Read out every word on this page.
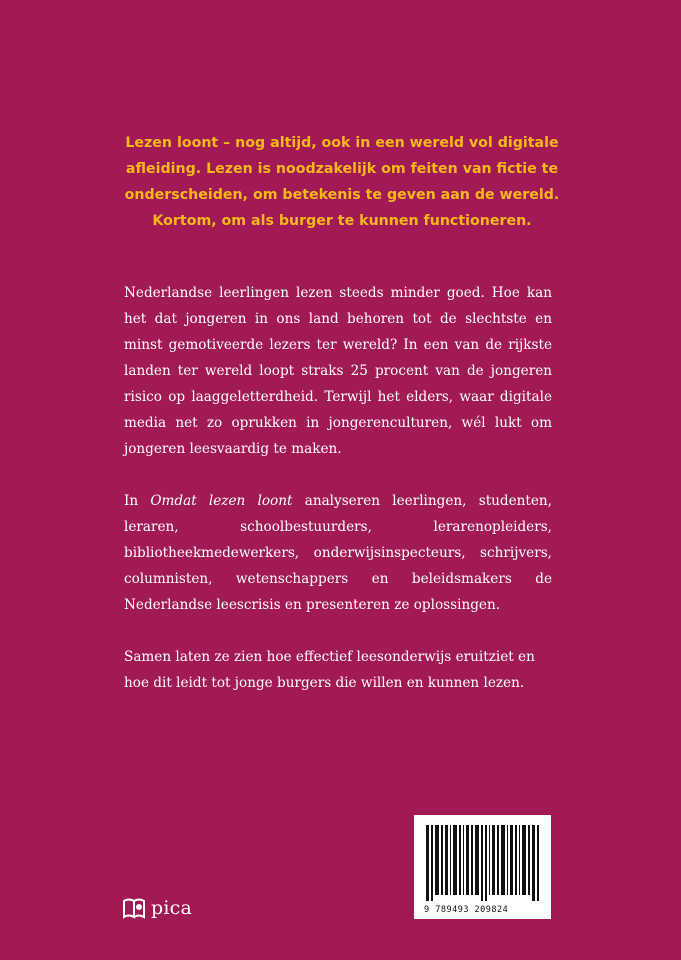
Lezen loont – nog altijd, ook in een wereld vol digitale afleiding. Lezen is noodzakelijk om feiten van fictie te onderscheiden, om betekenis te geven aan de wereld. Kortom, om als burger te kunnen functioneren.

Nederlandse leerlingen lezen steeds minder goed. Hoe kan het dat jongeren in ons land behoren tot de slechtste en minst gemotiveerde lezers ter wereld? In een van de rijkste landen ter wereld loopt straks 25 procent van de jongeren risico op laaggeletterdheid. Terwijl het elders, waar digitale media net zo oprukken in jongerenculturen, wél lukt om jongeren leesvaardig te maken.

In Omdat lezen loont analyseren leerlingen, studenten, leraren, schoolbestuurders, lerarenopleiders, bibliotheekmedewerkers, onderwijsinspecteurs, schrijvers, columnisten, wetenschappers en beleidsmakers de Nederlandse leescrisis en presenteren ze oplossingen.

Samen laten ze zien hoe effectief leesonderwijs eruitziet en hoe dit leidt tot jonge burgers die willen en kunnen lezen.

9 789493 209824
pica
